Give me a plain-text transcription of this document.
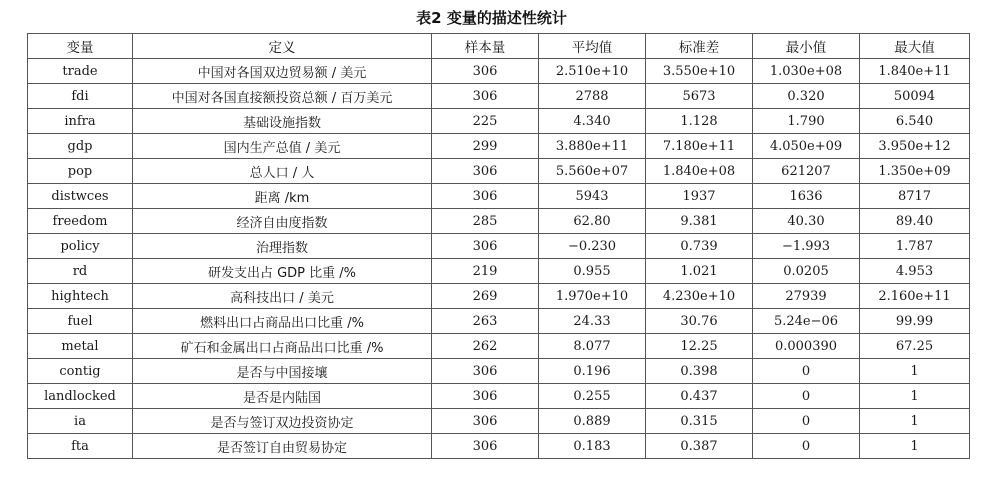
表2 变量的描述性统计
变量	定义	样本量	平均值	标准差	最小值	最大值
trade	中国对各国双边贸易额 / 美元	306	2.510e+10	3.550e+10	1.030e+08	1.840e+11
fdi	中国对各国直接额投资总额 / 百万美元	306	2788	5673	0.320	50094
infra	基础设施指数	225	4.340	1.128	1.790	6.540
gdp	国内生产总值 / 美元	299	3.880e+11	7.180e+11	4.050e+09	3.950e+12
pop	总人口 / 人	306	5.560e+07	1.840e+08	621207	1.350e+09
distwces	距离 /km	306	5943	1937	1636	8717
freedom	经济自由度指数	285	62.80	9.381	40.30	89.40
policy	治理指数	306	−0.230	0.739	−1.993	1.787
rd	研发支出占 GDP 比重 /%	219	0.955	1.021	0.0205	4.953
hightech	高科技出口 / 美元	269	1.970e+10	4.230e+10	27939	2.160e+11
fuel	燃料出口占商品出口比重 /%	263	24.33	30.76	5.24e−06	99.99
metal	矿石和金属出口占商品出口比重 /%	262	8.077	12.25	0.000390	67.25
contig	是否与中国接壤	306	0.196	0.398	0	1
landlocked	是否是内陆国	306	0.255	0.437	0	1
ia	是否与签订双边投资协定	306	0.889	0.315	0	1
fta	是否签订自由贸易协定	306	0.183	0.387	0	1
